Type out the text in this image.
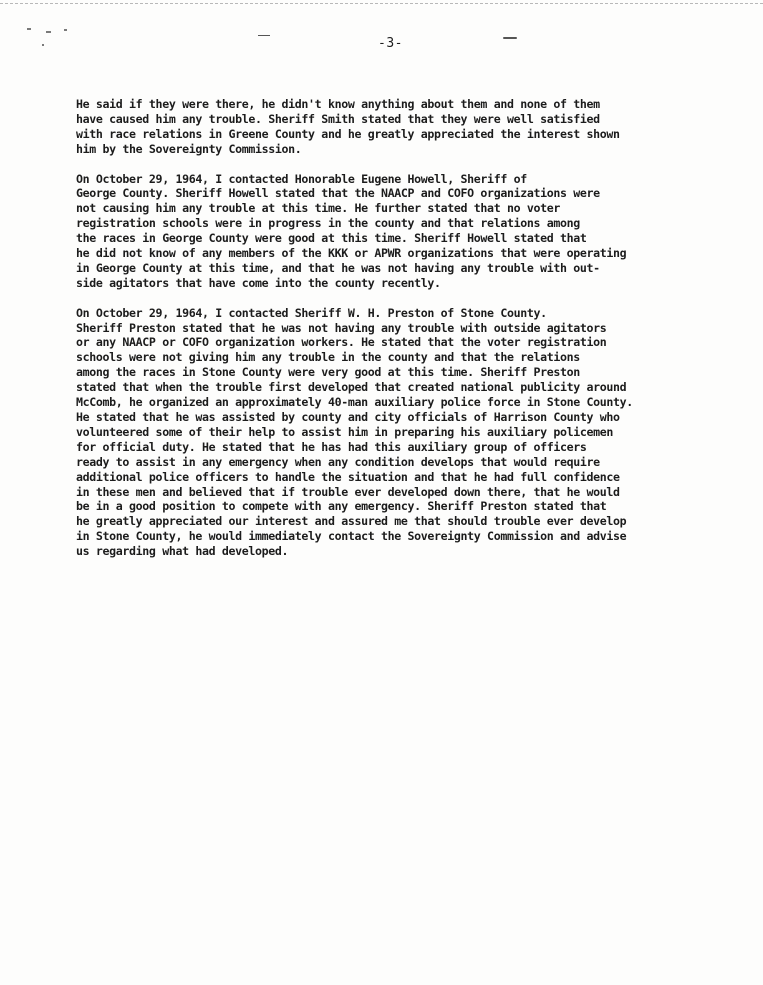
-3-

He said if they were there, he didn't know anything about them and none of them
have caused him any trouble. Sheriff Smith stated that they were well satisfied
with race relations in Greene County and he greatly appreciated the interest shown
him by the Sovereignty Commission.

On October 29, 1964, I contacted Honorable Eugene Howell, Sheriff of
George County. Sheriff Howell stated that the NAACP and COFO organizations were
not causing him any trouble at this time. He further stated that no voter
registration schools were in progress in the county and that relations among
the races in George County were good at this time. Sheriff Howell stated that
he did not know of any members of the KKK or APWR organizations that were operating
in George County at this time, and that he was not having any trouble with out-
side agitators that have come into the county recently.

On October 29, 1964, I contacted Sheriff W. H. Preston of Stone County.
Sheriff Preston stated that he was not having any trouble with outside agitators
or any NAACP or COFO organization workers. He stated that the voter registration
schools were not giving him any trouble in the county and that the relations
among the races in Stone County were very good at this time. Sheriff Preston
stated that when the trouble first developed that created national publicity around
McComb, he organized an approximately 40-man auxiliary police force in Stone County.
He stated that he was assisted by county and city officials of Harrison County who
volunteered some of their help to assist him in preparing his auxiliary policemen
for official duty. He stated that he has had this auxiliary group of officers
ready to assist in any emergency when any condition develops that would require
additional police officers to handle the situation and that he had full confidence
in these men and believed that if trouble ever developed down there, that he would
be in a good position to compete with any emergency. Sheriff Preston stated that
he greatly appreciated our interest and assured me that should trouble ever develop
in Stone County, he would immediately contact the Sovereignty Commission and advise
us regarding what had developed.
